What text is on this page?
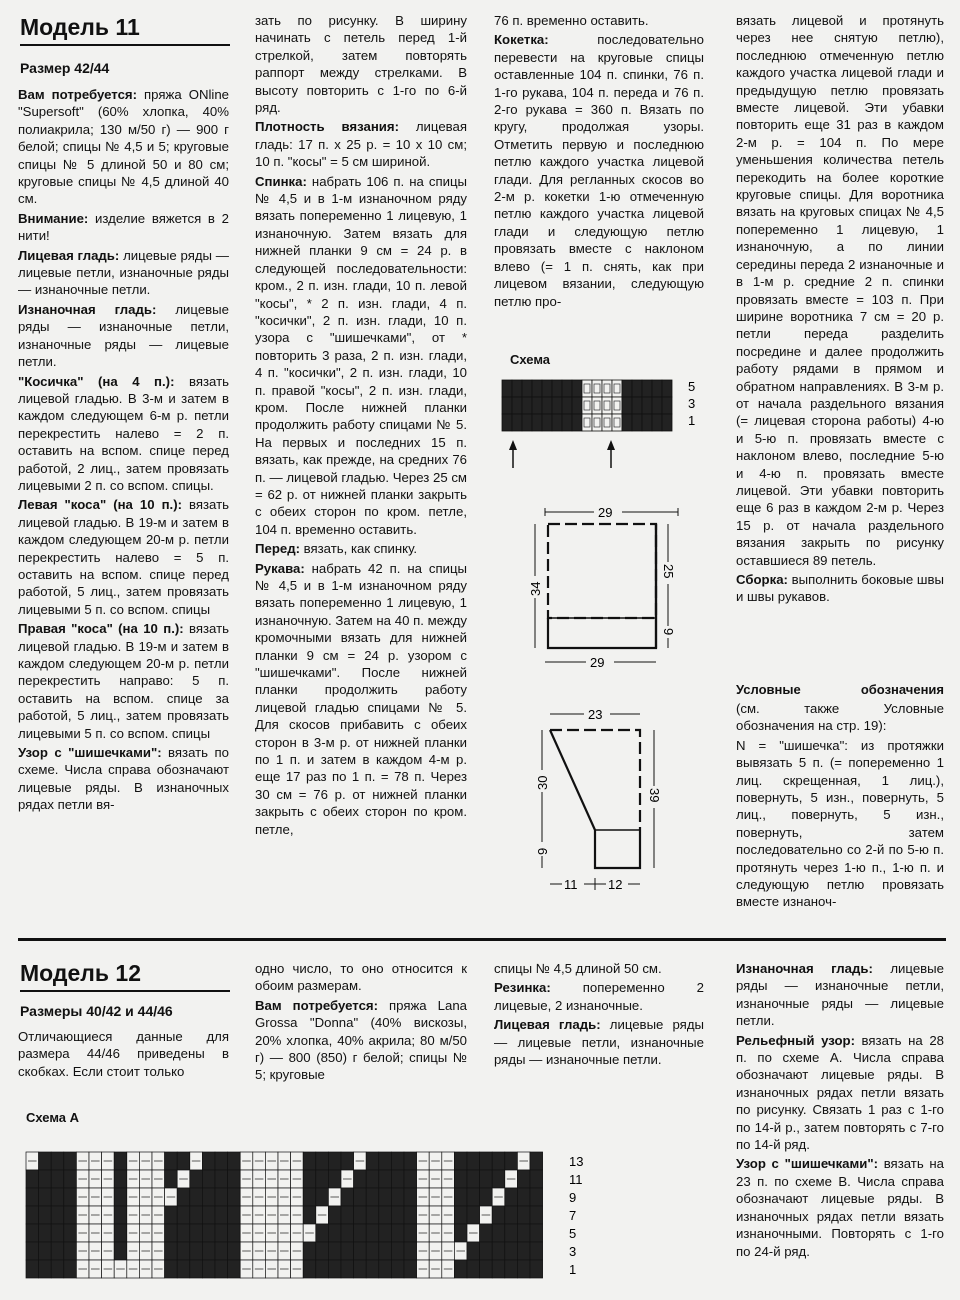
Модель 11
Размер 42/44

Вам потребуется: пряжа ONline "Supersoft" (60% хлопка, 40% полиакрила; 130 м/50 г) — 900 г белой; спицы № 4,5 и 5; круговые спицы № 5 длиной 50 и 80 см; круговые спицы № 4,5 длиной 40 см.

Внимание: изделие вяжется в 2 нити!

Лицевая гладь: лицевые ряды — лицевые петли, изнаночные ряды — изнаночные петли.

Изнаночная гладь: лицевые ряды — изнаночные петли, изнаночные ряды — лицевые петли.

"Косичка" (на 4 п.): вязать лицевой гладью. В 3-м и затем в каждом следующем 6-м р. петли перекрестить налево = 2 п. оставить на вспом. спице перед работой, 2 лиц., затем провязать лицевыми 2 п. со вспом. спицы.

Левая "коса" (на 10 п.): вязать лицевой гладью. В 19-м и затем в каждом следующем 20-м р. петли перекрестить налево = 5 п. оставить на вспом. спице перед работой, 5 лиц., затем провязать лицевыми 5 п. со вспом. спицы

Правая "коса" (на 10 п.): вязать лицевой гладью. В 19-м и затем в каждом следующем 20-м р. петли перекрестить направо: 5 п. оставить на вспом. спице за работой, 5 лиц., затем провязать лицевыми 5 п. со вспом. спицы

Узор с "шишечками": вязать по схеме. Числа справа обозначают лицевые ряды. В изнаночных рядах петли вя-

зать по рисунку. В ширину начинать с петель перед 1-й стрелкой, затем повторять раппорт между стрелками. В высоту повторить с 1-го по 6-й ряд.

Плотность вязания: лицевая гладь: 17 п. х 25 р. = 10 х 10 см; 10 п. "косы" = 5 см шириной.

Спинка: набрать 106 п. на спицы № 4,5 и в 1-м изнаночном ряду вязать попеременно 1 лицевую, 1 изнаночную. Затем вязать для нижней планки 9 см = 24 р. в следующей последовательности: кром., 2 п. изн. глади, 10 п. левой "косы", * 2 п. изн. глади, 4 п. "косички", 2 п. изн. глади, 10 п. узора с "шишечками", от * повторить 3 раза, 2 п. изн. глади, 4 п. "косички", 2 п. изн. глади, 10 п. правой "косы", 2 п. изн. глади, кром. После нижней планки продолжить работу спицами № 5. На первых и последних 15 п. вязать, как прежде, на средних 76 п. — лицевой гладью. Через 25 см = 62 р. от нижней планки закрыть с обеих сторон по кром. петле, 104 п. временно оставить.

Перед: вязать, как спинку.

Рукава: набрать 42 п. на спицы № 4,5 и в 1-м изнаночном ряду вязать попеременно 1 лицевую, 1 изнаночную. Затем на 40 п. между кромочными вязать для нижней планки 9 см = 24 р. узором с "шишечками". После нижней планки продолжить работу лицевой гладью спицами № 5. Для скосов прибавить с обеих сторон в 3-м р. от нижней планки по 1 п. и затем в каждом 4-м р. еще 17 раз по 1 п. = 78 п. Через 30 см = 76 р. от нижней планки закрыть с обеих сторон по кром. петле,

76 п. временно оставить.

Кокетка: последовательно перевести на круговые спицы оставленные 104 п. спинки, 76 п. 1-го рукава, 104 п. переда и 76 п. 2-го рукава = 360 п. Вязать по кругу, продолжая узоры. Отметить первую и последнюю петлю каждого участка лицевой глади. Для регланных скосов во 2-м р. кокетки 1-ю отмеченную петлю каждого участка лицевой глади и следующую петлю провязать вместе с наклоном влево (= 1 п. снять, как при лицевом вязании, следующую петлю про-

вязать лицевой и протянуть через нее снятую петлю), последнюю отмеченную петлю каждого участка лицевой глади и предыдущую петлю провязать вместе лицевой. Эти убавки повторить еще 31 раз в каждом 2-м р. = 104 п. По мере уменьшения количества петель перекодить на более короткие круговые спицы. Для воротника вязать на круговых спицах № 4,5 попеременно 1 лицевую, 1 изнаночную, а по линии середины переда 2 изнаночные и в 1-м р. средние 2 п. спинки провязать вместе = 103 п. При ширине воротника 7 см = 20 р. петли переда разделить посредине и далее продолжить работу рядами в прямом и обратном направлениях. В 3-м р. от начала раздельного вязания (= лицевая сторона работы) 4-ю и 5-ю п. провязать вместе с наклоном влево, последние 5-ю и 4-ю п. провязать вместе лицевой. Эти убавки повторить еще 6 раз в каждом 2-м р. Через 15 р. от начала раздельного вязания закрыть по рисунку оставшиеся 89 петель.

Сборка: выполнить боковые швы и швы рукавов.

Условные обозначения

(см. также Условные обозначения на стр. 19):

N = "шишечка": из протяжки вывязать 5 п. (= попеременно 1 лиц. скрещенная, 1 лиц.), повернуть, 5 изн., повернуть, 5 лиц., повернуть, 5 изн., повернуть, затем последовательно со 2-й по 5-ю п. протянуть через 1-ю п., 1-ю п. и следующую петлю провязать вместе изнаноч-

Схема
5
3
1
29
34
25
9
29
23
30
9
39
11 12
Модель 12
Размеры 40/42 и 44/46

Отличающиеся данные для размера 44/46 приведены в скобках. Если стоит только

одно число, то оно относится к обоим размерам.

Вам потребуется: пряжа Lana Grossa "Donna" (40% вискозы, 20% хлопка, 40% акрила; 80 м/50 г) — 800 (850) г белой; спицы № 5; круговые

спицы № 4,5 длиной 50 см.

Резинка: попеременно 2 лицевые, 2 изнаночные.

Лицевая гладь: лицевые ряды — лицевые петли, изнаночные ряды — изнаночные петли.

Изнаночная гладь: лицевые ряды — изнаночные петли, изнаночные ряды — лицевые петли.

Рельефный узор: вязать на 28 п. по схеме А. Числа справа обозначают лицевые ряды. В изнаночных рядах петли вязать по рисунку. Связать 1 раз с 1-го по 14-й р., затем повторять с 7-го по 14-й ряд.

Узор с "шишечками": вязать на 23 п. по схеме В. Числа справа обозначают лицевые ряды. В изнаночных рядах петли вязать изнаночными. Повторять с 1-го по 24-й ряд.

Схема А
13
11
9
7
5
3
1
